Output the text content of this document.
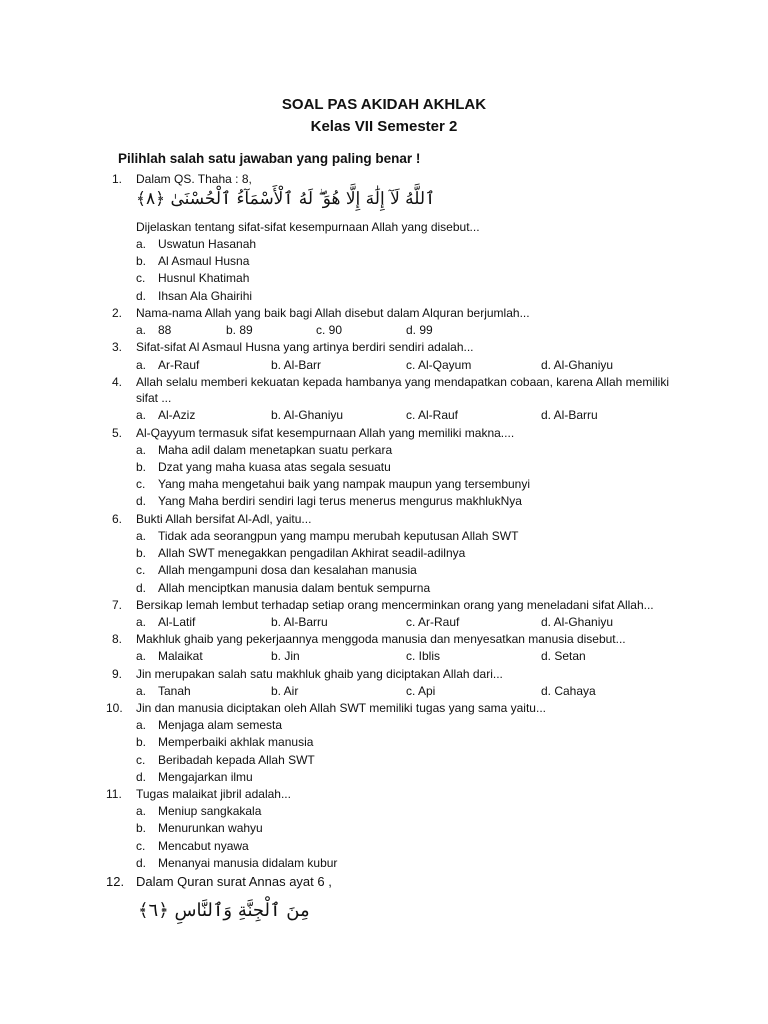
SOAL PAS AKIDAH AKHLAK
Kelas VII Semester 2
Pilihlah salah satu jawaban yang paling benar !
1. Dalam QS. Thaha : 8,
ٱللَّهُ لَآ إِلَٰهَ إِلَّا هُوَ ۖ لَهُ ٱلْأَسْمَآءُ ٱلْحُسْنَىٰ ﴿٨﴾
Dijelaskan tentang sifat-sifat kesempurnaan Allah yang disebut...
a. Uswatun Hasanah
b. Al Asmaul Husna
c. Husnul Khatimah
d. Ihsan Ala Ghairihi
2. Nama-nama Allah yang baik bagi Allah disebut dalam Alquran berjumlah...
a. 88	b. 89	c. 90	d. 99
3. Sifat-sifat Al Asmaul Husna yang artinya berdiri sendiri adalah...
a. Ar-Rauf	b. Al-Barr	c. Al-Qayum	d. Al-Ghaniyu
4. Allah selalu memberi kekuatan kepada hambanya yang mendapatkan cobaan, karena Allah memiliki
sifat ...
a. Al-Aziz	b. Al-Ghaniyu	c. Al-Rauf	d. Al-Barru
5. Al-Qayyum termasuk sifat kesempurnaan Allah yang memiliki makna....
a. Maha adil dalam menetapkan suatu perkara
b. Dzat yang maha kuasa atas segala sesuatu
c. Yang maha mengetahui baik yang nampak maupun yang tersembunyi
d. Yang Maha berdiri sendiri lagi terus menerus mengurus makhlukNya
6. Bukti Allah bersifat Al-Adl, yaitu...
a. Tidak ada seorangpun yang mampu merubah keputusan Allah SWT
b. Allah SWT menegakkan pengadilan Akhirat seadil-adilnya
c. Allah mengampuni dosa dan kesalahan manusia
d. Allah menciptkan manusia dalam bentuk sempurna
7. Bersikap lemah lembut terhadap setiap orang mencerminkan orang yang meneladani sifat Allah...
a. Al-Latif	b. Al-Barru	c. Ar-Rauf	d. Al-Ghaniyu
8. Makhluk ghaib yang pekerjaannya menggoda manusia dan menyesatkan manusia disebut...
a. Malaikat	b. Jin	c. Iblis	d. Setan
9. Jin merupakan salah satu makhluk ghaib yang diciptakan Allah dari...
a. Tanah	b. Air	c. Api	d. Cahaya
10. Jin dan manusia diciptakan oleh Allah SWT memiliki tugas yang sama yaitu...
a. Menjaga alam semesta
b. Memperbaiki akhlak manusia
c. Beribadah kepada Allah SWT
d. Mengajarkan ilmu
11. Tugas malaikat jibril adalah...
a. Meniup sangkakala
b. Menurunkan wahyu
c. Mencabut nyawa
d. Menanyai manusia didalam kubur
12. Dalam Quran surat Annas ayat 6 ,
مِنَ ٱلْجِنَّةِ وَٱلنَّاسِ ﴿٦﴾
